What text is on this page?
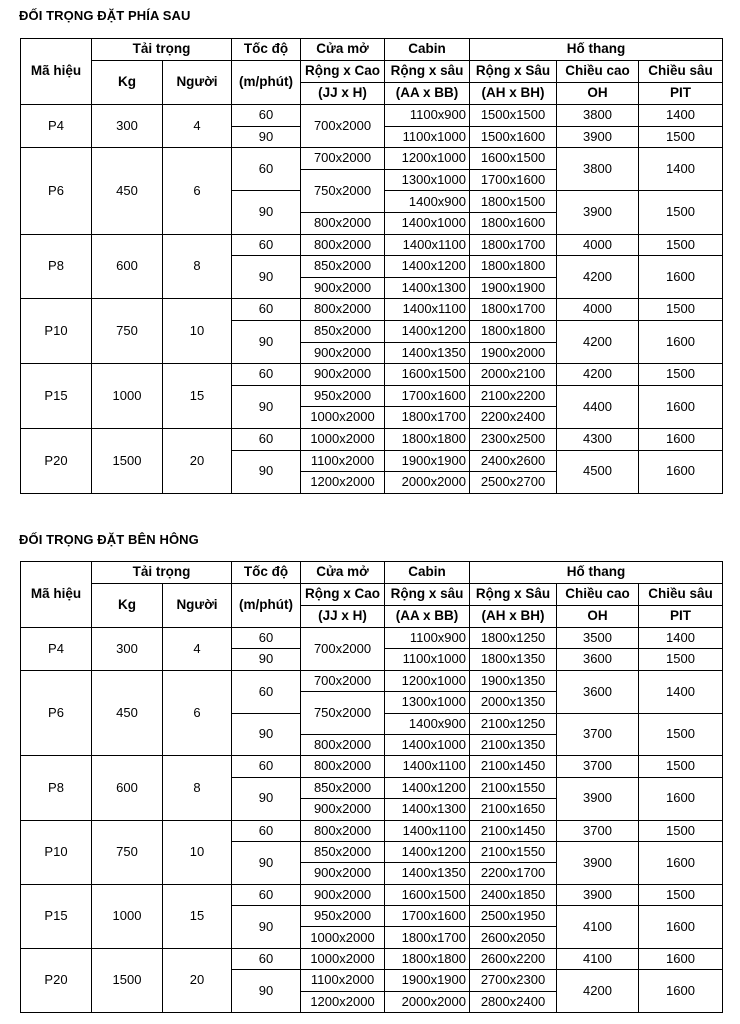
ĐỐI TRỌNG ĐẶT PHÍA SAU
Mã hiệu	Tải trọng		Tốc độ	Cửa mở	Cabin	Hố thang		
	Kg	Người	(m/phút)	Rộng x Cao	Rộng x sâu	Rộng x Sâu	Chiều cao	Chiều sâu
				(JJ x H)	(AA x BB)	(AH x BH)	OH	PIT
P4	300	4	60	700x2000	1100x900	1500x1500	3800	1400
			90		1100x1000	1500x1600	3900	1500
P6	450	6	60	700x2000	1200x1000	1600x1500	3800	1400
				750x2000	1300x1000	1700x1600		
			90		1400x900	1800x1500	3900	1500
				800x2000	1400x1000	1800x1600		
P8	600	8	60	800x2000	1400x1100	1800x1700	4000	1500
			90	850x2000	1400x1200	1800x1800	4200	1600
				900x2000	1400x1300	1900x1900		
P10	750	10	60	800x2000	1400x1100	1800x1700	4000	1500
			90	850x2000	1400x1200	1800x1800	4200	1600
				900x2000	1400x1350	1900x2000		
P15	1000	15	60	900x2000	1600x1500	2000x2100	4200	1500
			90	950x2000	1700x1600	2100x2200	4400	1600
				1000x2000	1800x1700	2200x2400		
P20	1500	20	60	1000x2000	1800x1800	2300x2500	4300	1600
			90	1100x2000	1900x1900	2400x2600	4500	1600
				1200x2000	2000x2000	2500x2700		
ĐỐI TRỌNG ĐẶT BÊN HÔNG
Mã hiệu	Tải trọng		Tốc độ	Cửa mở	Cabin	Hố thang		
	Kg	Người	(m/phút)	Rộng x Cao	Rộng x sâu	Rộng x Sâu	Chiều cao	Chiều sâu
				(JJ x H)	(AA x BB)	(AH x BH)	OH	PIT
P4	300	4	60	700x2000	1100x900	1800x1250	3500	1400
			90		1100x1000	1800x1350	3600	1500
P6	450	6	60	700x2000	1200x1000	1900x1350	3600	1400
				750x2000	1300x1000	2000x1350		
			90		1400x900	2100x1250	3700	1500
				800x2000	1400x1000	2100x1350		
P8	600	8	60	800x2000	1400x1100	2100x1450	3700	1500
			90	850x2000	1400x1200	2100x1550	3900	1600
				900x2000	1400x1300	2100x1650		
P10	750	10	60	800x2000	1400x1100	2100x1450	3700	1500
			90	850x2000	1400x1200	2100x1550	3900	1600
				900x2000	1400x1350	2200x1700		
P15	1000	15	60	900x2000	1600x1500	2400x1850	3900	1500
			90	950x2000	1700x1600	2500x1950	4100	1600
				1000x2000	1800x1700	2600x2050		
P20	1500	20	60	1000x2000	1800x1800	2600x2200	4100	1600
			90	1100x2000	1900x1900	2700x2300	4200	1600
				1200x2000	2000x2000	2800x2400		
